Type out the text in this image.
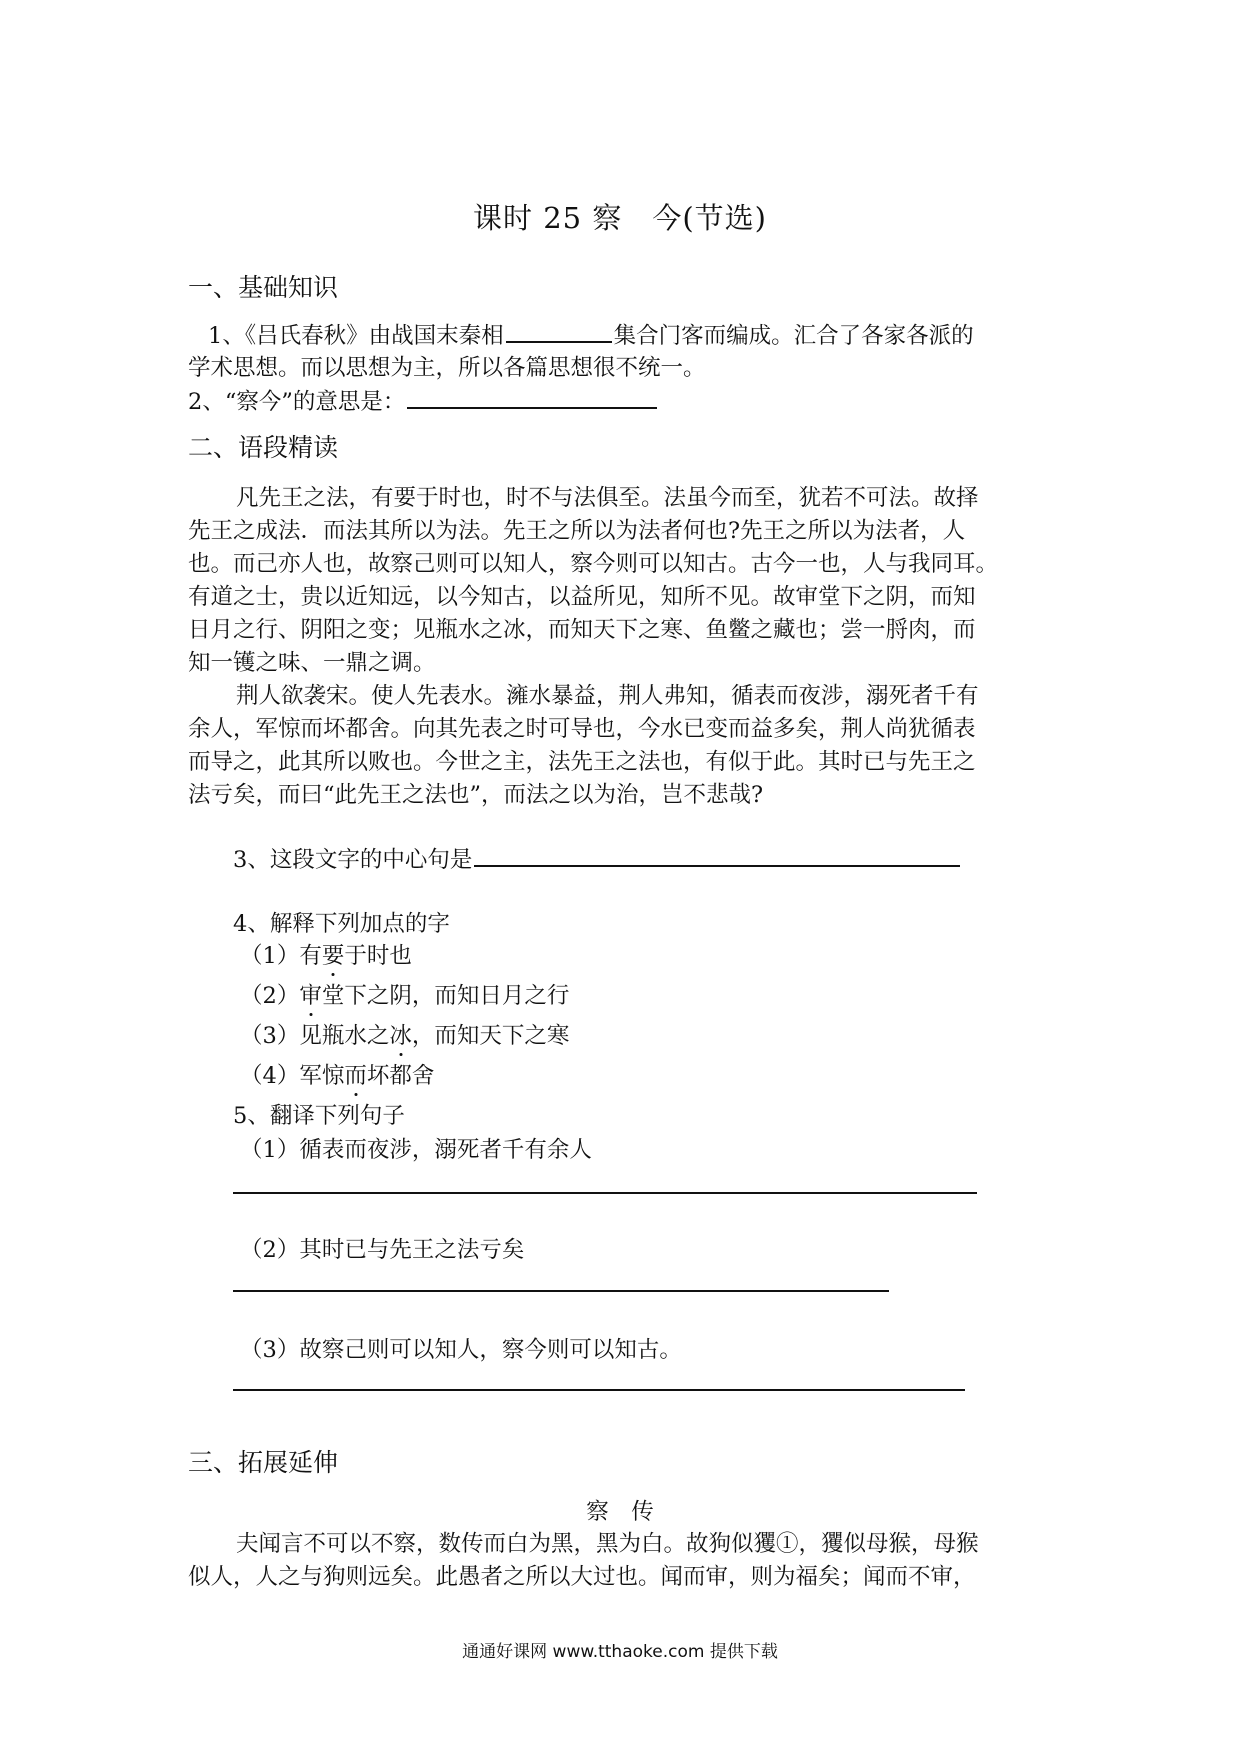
课时 25 察　今(节选)
一、基础知识
1、《吕氏春秋》由战国末秦相	集合门客而编成。汇合了各家各派的
学术思想。而以思想为主，所以各篇思想很不统一。
2、“察今”的意思是：
二、语段精读
凡先王之法，有要于时也，时不与法俱至。法虽今而至，犹若不可法。故择
先王之成法．而法其所以为法。先王之所以为法者何也?先王之所以为法者，人
也。而己亦人也，故察己则可以知人，察今则可以知古。古今一也，人与我同耳。
有道之士，贵以近知远，以今知古，以益所见，知所不见。故审堂下之阴，而知
日月之行、阴阳之变；见瓶水之冰，而知天下之寒、鱼鳖之藏也；尝一脟肉，而
知一镬之味、一鼎之调。
荆人欲袭宋。使人先表水。澭水暴益，荆人弗知，循表而夜涉，溺死者千有
余人，军惊而坏都舍。向其先表之时可导也，今水已变而益多矣，荆人尚犹循表
而导之，此其所以败也。今世之主，法先王之法也，有似于此。其时已与先王之
法亏矣，而曰“此先王之法也”，而法之以为治，岂不悲哉?
3、这段文字的中心句是
4、解释下列加点的字
（1）有要于时也
（2）审堂下之阴，而知日月之行
（3）见瓶水之冰，而知天下之寒
（4）军惊而坏都舍
5、翻译下列句子
（1）循表而夜涉，溺死者千有余人
（2）其时已与先王之法亏矣
（3）故察己则可以知人，察今则可以知古。
三、拓展延伸
察　传
夫闻言不可以不察，数传而白为黑，黑为白。故狗似玃①，玃似母猴，母猴
似人，人之与狗则远矣。此愚者之所以大过也。闻而审，则为福矣；闻而不审，
通通好课网 www.tthaoke.com 提供下载
